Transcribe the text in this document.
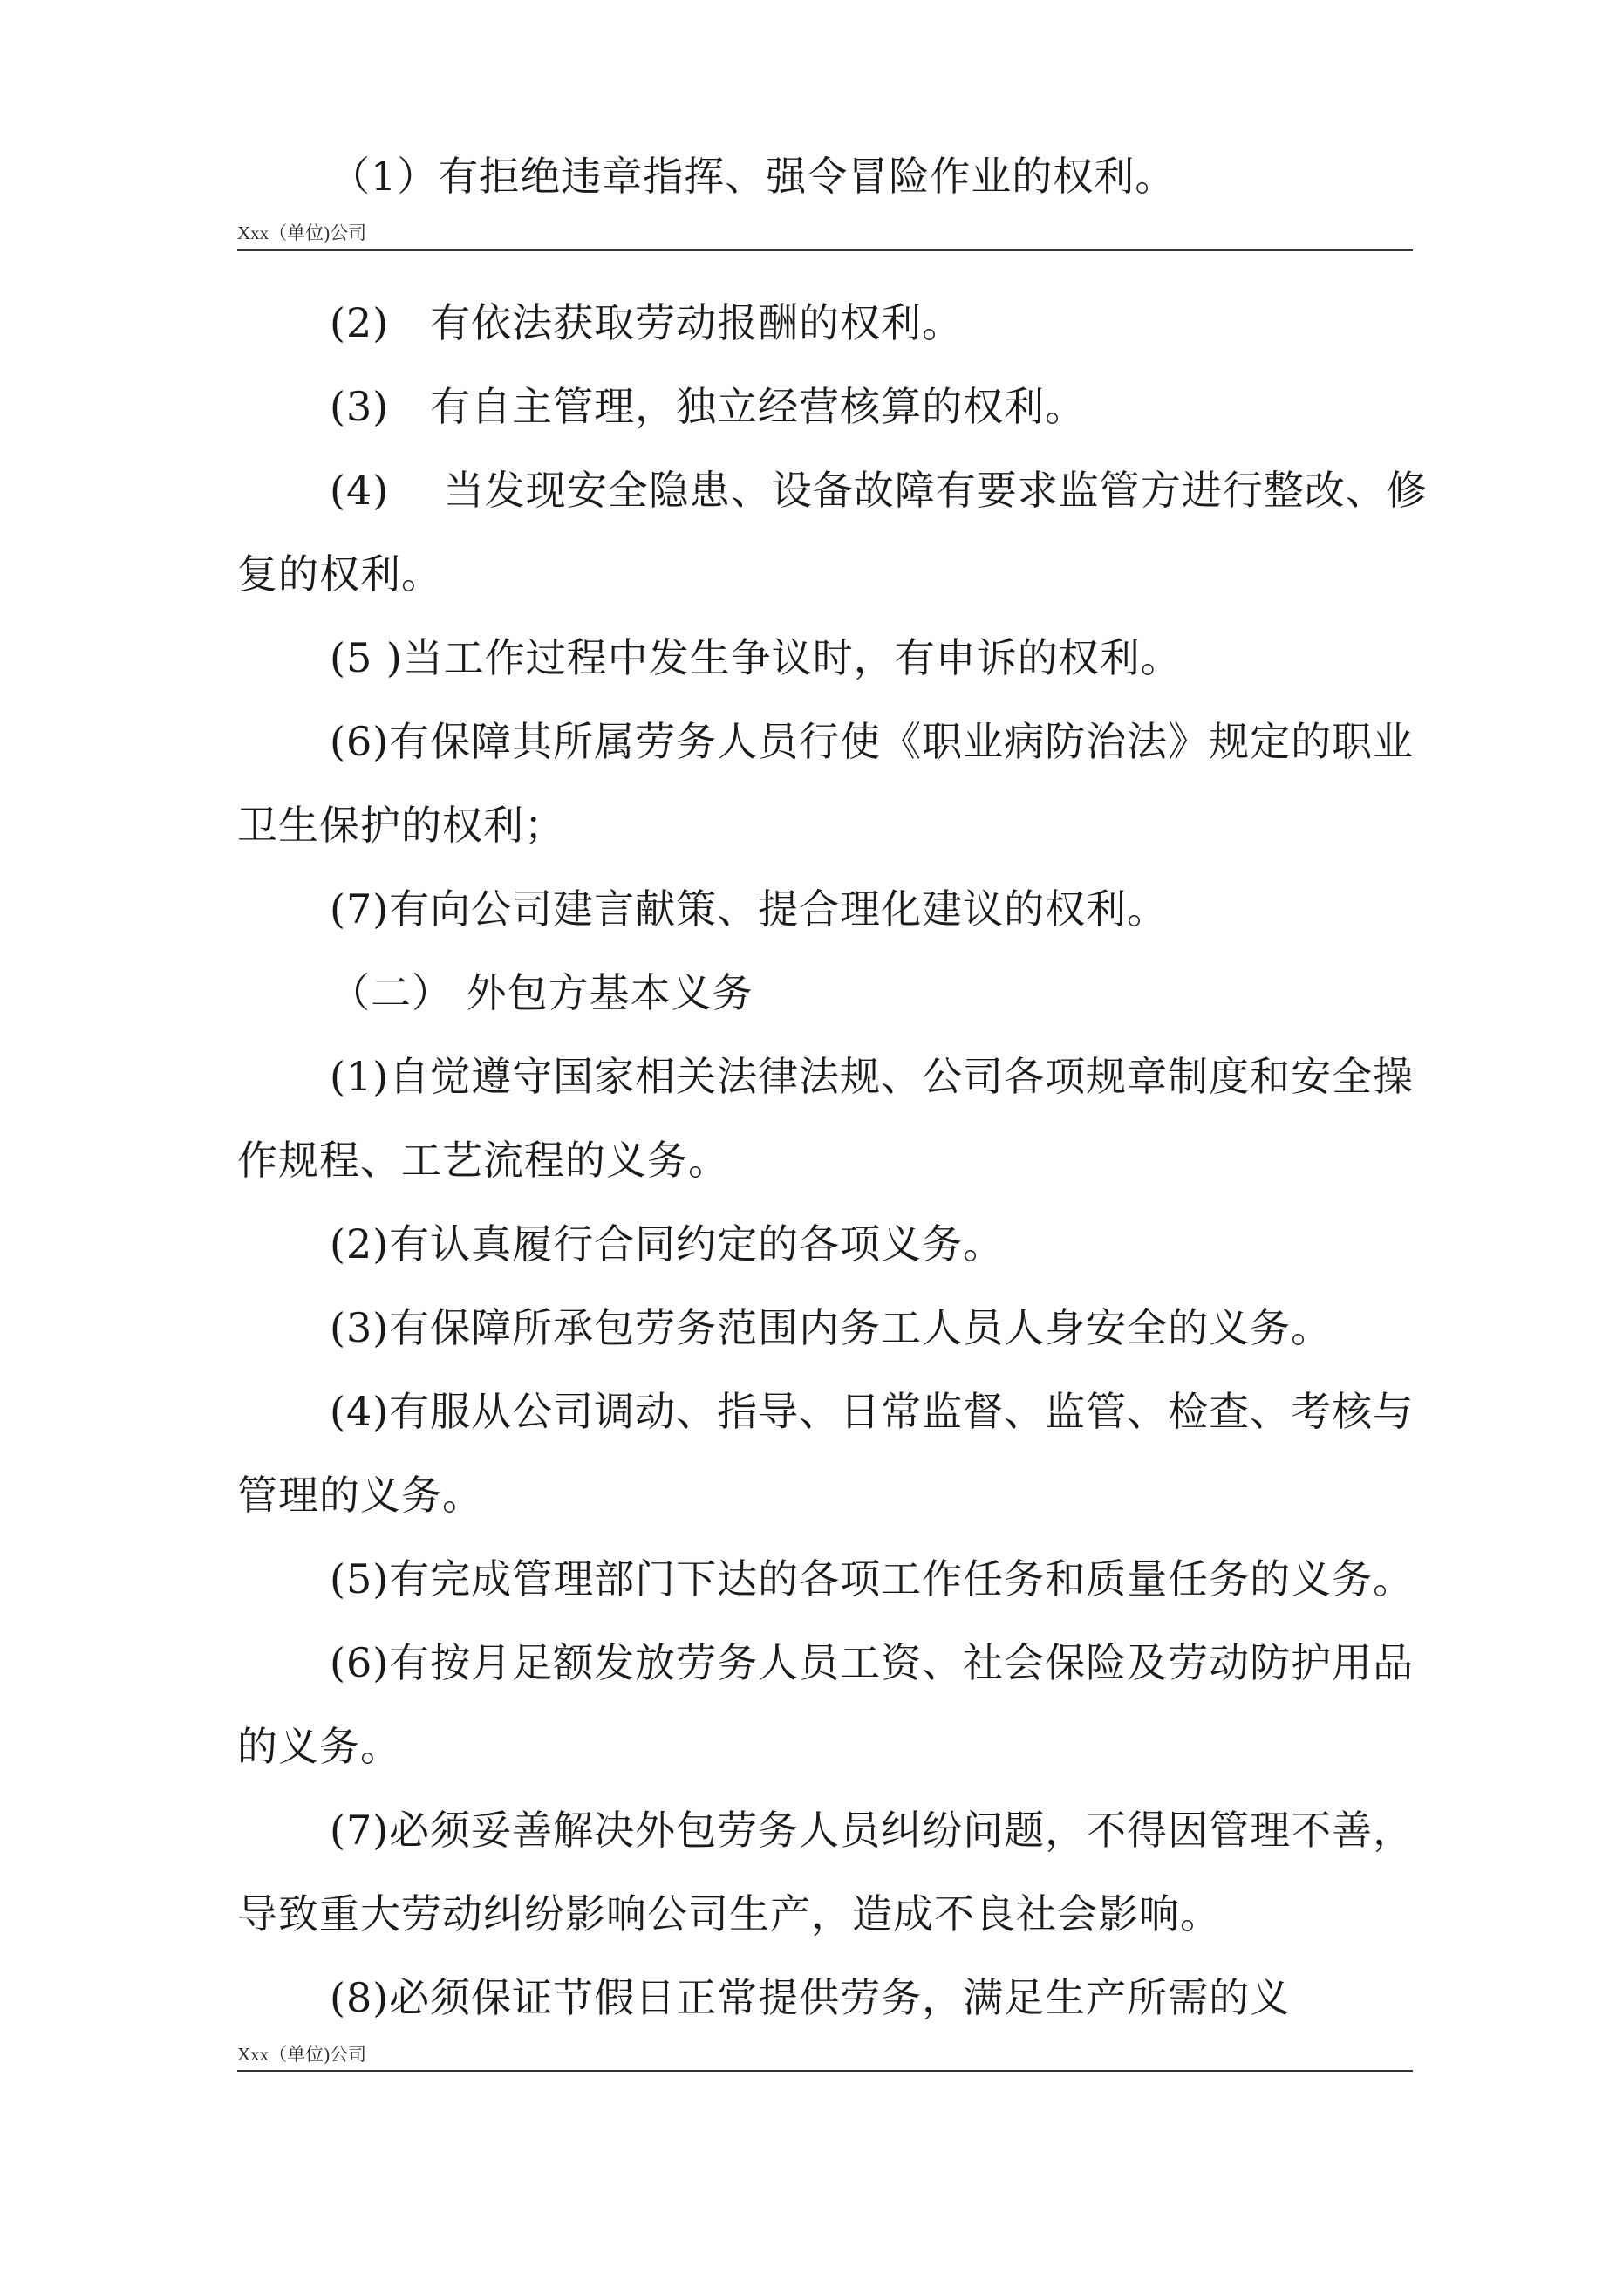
（1）有拒绝违章指挥、强令冒险作业的权利。
Xxx（单位)公司
(2)　有依法获取劳动报酬的权利。
(3)　有自主管理，独立经营核算的权利。
(4)　 当发现安全隐患、设备故障有要求监管方进行整改、修
复的权利。
(5 )当工作过程中发生争议时，有申诉的权利。
(6)有保障其所属劳务人员行使《职业病防治法》规定的职业
卫生保护的权利；
(7)有向公司建言献策、提合理化建议的权利。
（二） 外包方基本义务
(1)自觉遵守国家相关法律法规、公司各项规章制度和安全操
作规程、工艺流程的义务。
(2)有认真履行合同约定的各项义务。
(3)有保障所承包劳务范围内务工人员人身安全的义务。
(4)有服从公司调动、指导、日常监督、监管、检查、考核与
管理的义务。
(5)有完成管理部门下达的各项工作任务和质量任务的义务。
(6)有按月足额发放劳务人员工资、社会保险及劳动防护用品
的义务。
(7)必须妥善解决外包劳务人员纠纷问题，不得因管理不善，
导致重大劳动纠纷影响公司生产，造成不良社会影响。
(8)必须保证节假日正常提供劳务，满足生产所需的义
Xxx（单位)公司
